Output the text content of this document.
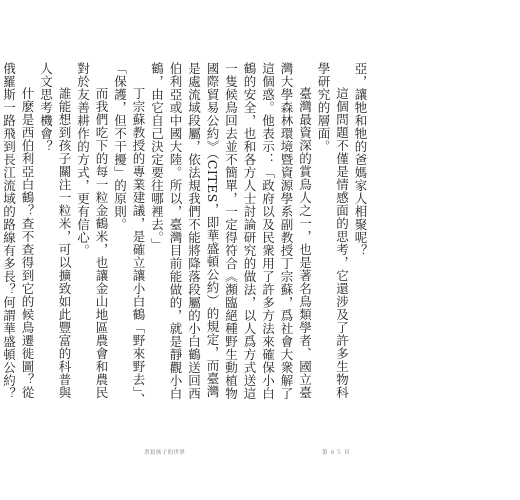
亞，讓牠和牠的爸媽家人相聚呢？

這個問題不僅是情感面的思考，它還涉及了許多生物科學研究的層面。

臺灣最資深的賞鳥人之一，也是著名鳥類學者、國立臺灣大學森林環境暨資源學系副教授丁宗蘇，爲社會大衆解了這個惑。他表示：「政府以及民衆用了許多方法來確保小白鶴的安全，也和各方人士討論研究的做法，以人爲方式送這一隻候鳥回去並不簡單，一定得符合《瀕臨絕種野生動植物國際貿易公約》（CITES，即華盛頓公約）的規定，而臺灣是處流域段屬，依法規我們不能將降落段屬的小白鶴送回西伯利亞或中國大陸。所以，臺灣目前能做的，就是靜觀小白鶴，由它自己決定要往哪裡去。」

丁宗蘇教授的專業建議，是確立讓小白鶴「野來野去」、「保護，但不干擾」的原則。

而我們吃下的每一粒金鶴米，也讓金山地區農會和農民對於友善耕作的方式，更有信心。

誰能想到孩子關注一粒米，可以擴致如此豐富的科普與人文思考機會？

什麼是西伯利亞白鶴？查不查得到它的候鳥遷徙圖？從俄羅斯一路飛到長江流域的路線有多長？何謂華盛頓公約？

書寫孩子的世界	第 ６５ 頁
